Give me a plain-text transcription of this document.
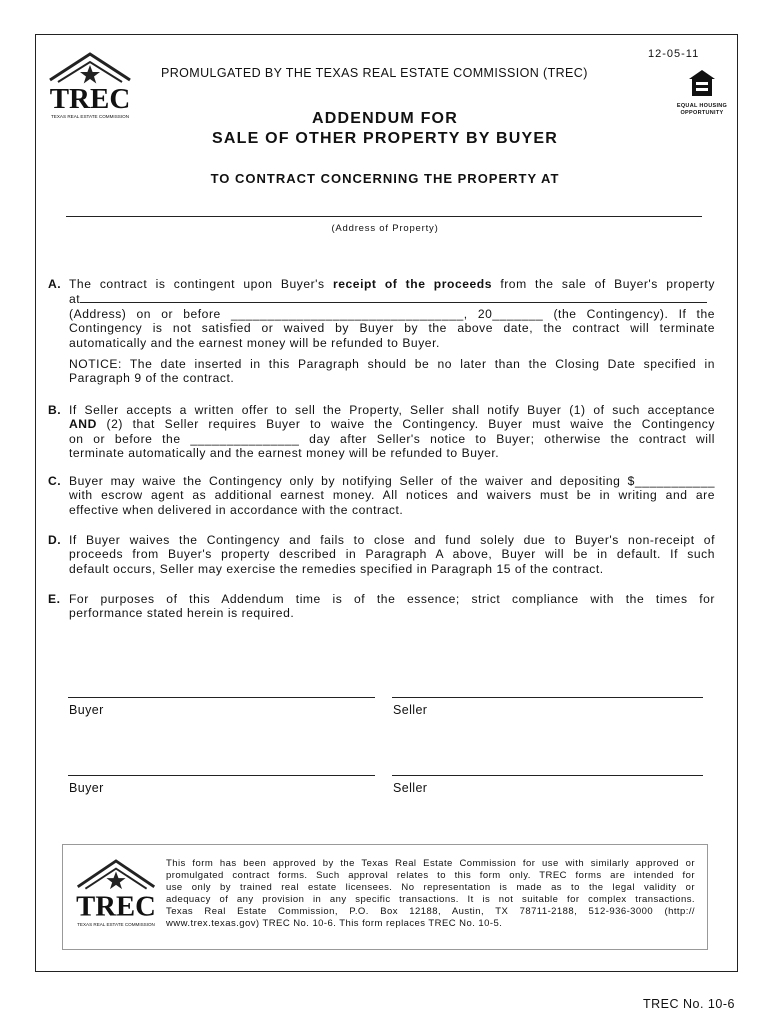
12-05-11
PROMULGATED BY THE TEXAS REAL ESTATE COMMISSION (TREC)
TREC
TEXAS REAL ESTATE COMMISSION
EQUAL HOUSING
OPPORTUNITY
ADDENDUM FOR
SALE OF OTHER PROPERTY BY BUYER
TO CONTRACT CONCERNING THE PROPERTY AT
(Address of Property)
A. The contract is contingent upon Buyer's receipt of the proceeds from the sale of Buyer's property
at
(Address) on or before ________________________________, 20_______ (the Contingency). If the
Contingency is not satisfied or waived by Buyer by the above date, the contract will terminate
automatically and the earnest money will be refunded to Buyer.
NOTICE: The date inserted in this Paragraph should be no later than the Closing Date specified in
Paragraph 9 of the contract.
B. If Seller accepts a written offer to sell the Property, Seller shall notify Buyer (1) of such acceptance
AND (2) that Seller requires Buyer to waive the Contingency. Buyer must waive the Contingency
on or before the _______________ day after Seller's notice to Buyer; otherwise the contract will
terminate automatically and the earnest money will be refunded to Buyer.
C. Buyer may waive the Contingency only by notifying Seller of the waiver and depositing $___________
with escrow agent as additional earnest money. All notices and waivers must be in writing and are
effective when delivered in accordance with the contract.
D. If Buyer waives the Contingency and fails to close and fund solely due to Buyer's non-receipt of
proceeds from Buyer's property described in Paragraph A above, Buyer will be in default. If such
default occurs, Seller may exercise the remedies specified in Paragraph 15 of the contract.
E. For purposes of this Addendum time is of the essence; strict compliance with the times for
performance stated herein is required.
Buyer	Seller
Buyer	Seller
TREC
TEXAS REAL ESTATE COMMISSION
This form has been approved by the Texas Real Estate Commission for use with similarly approved or
promulgated contract forms. Such approval relates to this form only. TREC forms are intended for
use only by trained real estate licensees. No representation is made as to the legal validity or
adequacy of any provision in any specific transactions. It is not suitable for complex transactions.
Texas Real Estate Commission, P.O. Box 12188, Austin, TX 78711-2188, 512-936-3000 (http://
www.trex.texas.gov) TREC No. 10-6. This form replaces TREC No. 10-5.
TREC No. 10-6
